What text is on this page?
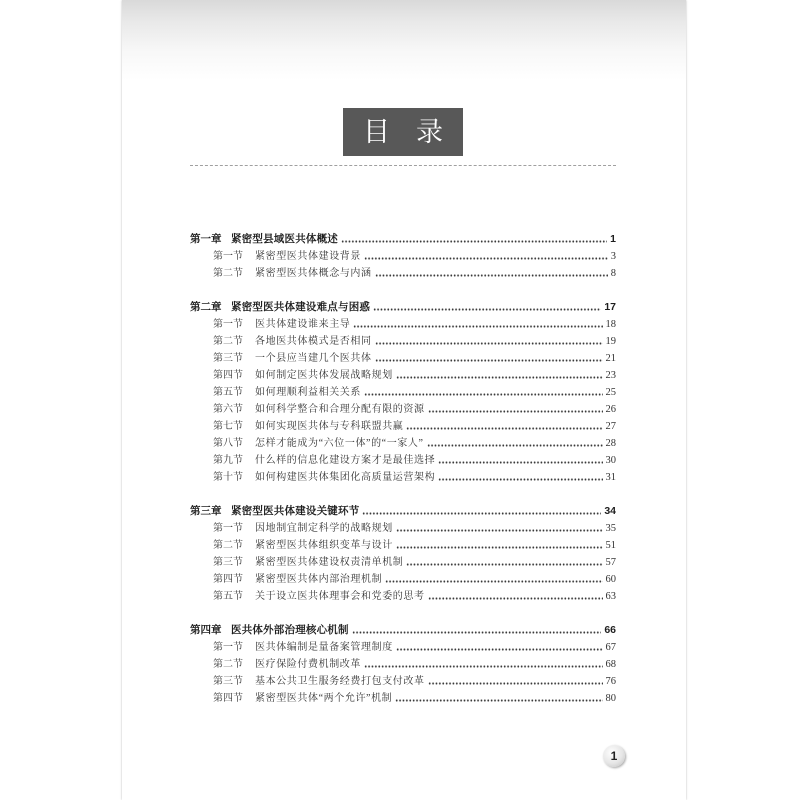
目录
第一章 紧密型县域医共体概述	1
第一节	紧密型医共体建设背景	3
第二节	紧密型医共体概念与内涵	8
第二章 紧密型医共体建设难点与困惑	17
第一节	医共体建设谁来主导	18
第二节	各地医共体模式是否相同	19
第三节	一个县应当建几个医共体	21
第四节	如何制定医共体发展战略规划	23
第五节	如何理顺利益相关关系	25
第六节	如何科学整合和合理分配有限的资源	26
第七节	如何实现医共体与专科联盟共赢	27
第八节	怎样才能成为“六位一体”的“一家人”	28
第九节	什么样的信息化建设方案才是最佳选择	30
第十节	如何构建医共体集团化高质量运营架构	31
第三章 紧密型医共体建设关键环节	34
第一节	因地制宜制定科学的战略规划	35
第二节	紧密型医共体组织变革与设计	51
第三节	紧密型医共体建设权责清单机制	57
第四节	紧密型医共体内部治理机制	60
第五节	关于设立医共体理事会和党委的思考	63
第四章 医共体外部治理核心机制	66
第一节	医共体编制是量备案管理制度	67
第二节	医疗保险付费机制改革	68
第三节	基本公共卫生服务经费打包支付改革	76
第四节	紧密型医共体“两个允许”机制	80
1
